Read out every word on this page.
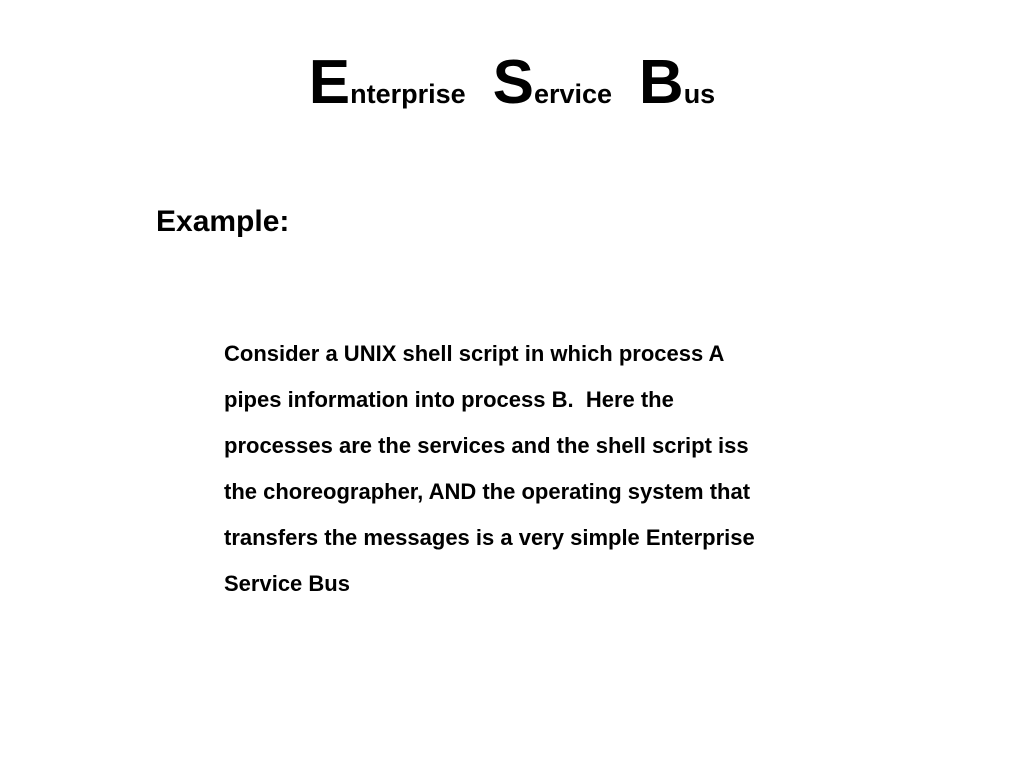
Enterprise Service Bus
Example:
Consider a UNIX shell script in which process A
pipes information into process B.  Here the
processes are the services and the shell script iss
the choreographer, AND the operating system that
transfers the messages is a very simple Enterprise
Service Bus
